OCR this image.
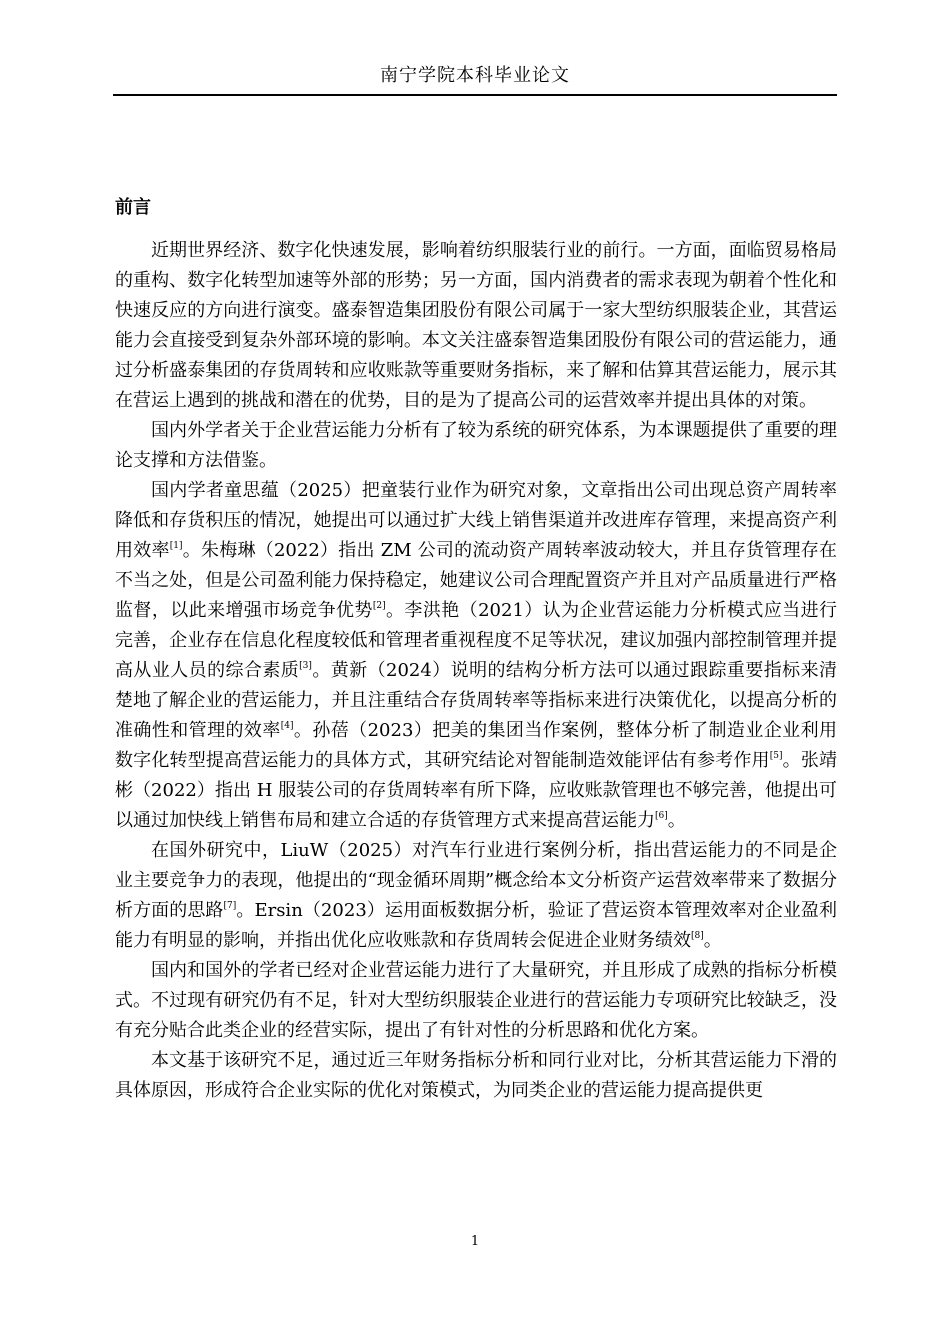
南宁学院本科毕业论文
前言

近期世界经济、数字化快速发展，影响着纺织服装行业的前行。一方面，面临贸易格局的重构、数字化转型加速等外部的形势；另一方面，国内消费者的需求表现为朝着个性化和快速反应的方向进行演变。盛泰智造集团股份有限公司属于一家大型纺织服装企业，其营运能力会直接受到复杂外部环境的影响。本文关注盛泰智造集团股份有限公司的营运能力，通过分析盛泰集团的存货周转和应收账款等重要财务指标，来了解和估算其营运能力，展示其在营运上遇到的挑战和潜在的优势，目的是为了提高公司的运营效率并提出具体的对策。

国内外学者关于企业营运能力分析有了较为系统的研究体系，为本课题提供了重要的理论支撑和方法借鉴。

国内学者童思蕴（2025）把童装行业作为研究对象，文章指出公司出现总资产周转率降低和存货积压的情况，她提出可以通过扩大线上销售渠道并改进库存管理，来提高资产利用效率[1]。朱梅琳（2022）指出 ZM 公司的流动资产周转率波动较大，并且存货管理存在不当之处，但是公司盈利能力保持稳定，她建议公司合理配置资产并且对产品质量进行严格监督，以此来增强市场竞争优势[2]。李洪艳（2021）认为企业营运能力分析模式应当进行完善，企业存在信息化程度较低和管理者重视程度不足等状况，建议加强内部控制管理并提高从业人员的综合素质[3]。黄新（2024）说明的结构分析方法可以通过跟踪重要指标来清楚地了解企业的营运能力，并且注重结合存货周转率等指标来进行决策优化，以提高分析的准确性和管理的效率[4]。孙蓓（2023）把美的集团当作案例，整体分析了制造业企业利用数字化转型提高营运能力的具体方式，其研究结论对智能制造效能评估有参考作用[5]。张靖彬（2022）指出 H 服装公司的存货周转率有所下降，应收账款管理也不够完善，他提出可以通过加快线上销售布局和建立合适的存货管理方式来提高营运能力[6]。

在国外研究中，LiuW（2025）对汽车行业进行案例分析，指出营运能力的不同是企业主要竞争力的表现，他提出的“现金循环周期”概念给本文分析资产运营效率带来了数据分析方面的思路[7]。Ersin（2023）运用面板数据分析，验证了营运资本管理效率对企业盈利能力有明显的影响，并指出优化应收账款和存货周转会促进企业财务绩效[8]。

国内和国外的学者已经对企业营运能力进行了大量研究，并且形成了成熟的指标分析模式。不过现有研究仍有不足，针对大型纺织服装企业进行的营运能力专项研究比较缺乏，没有充分贴合此类企业的经营实际，提出了有针对性的分析思路和优化方案。

本文基于该研究不足，通过近三年财务指标分析和同行业对比，分析其营运能力下滑的具体原因，形成符合企业实际的优化对策模式，为同类企业的营运能力提高提供更

1
